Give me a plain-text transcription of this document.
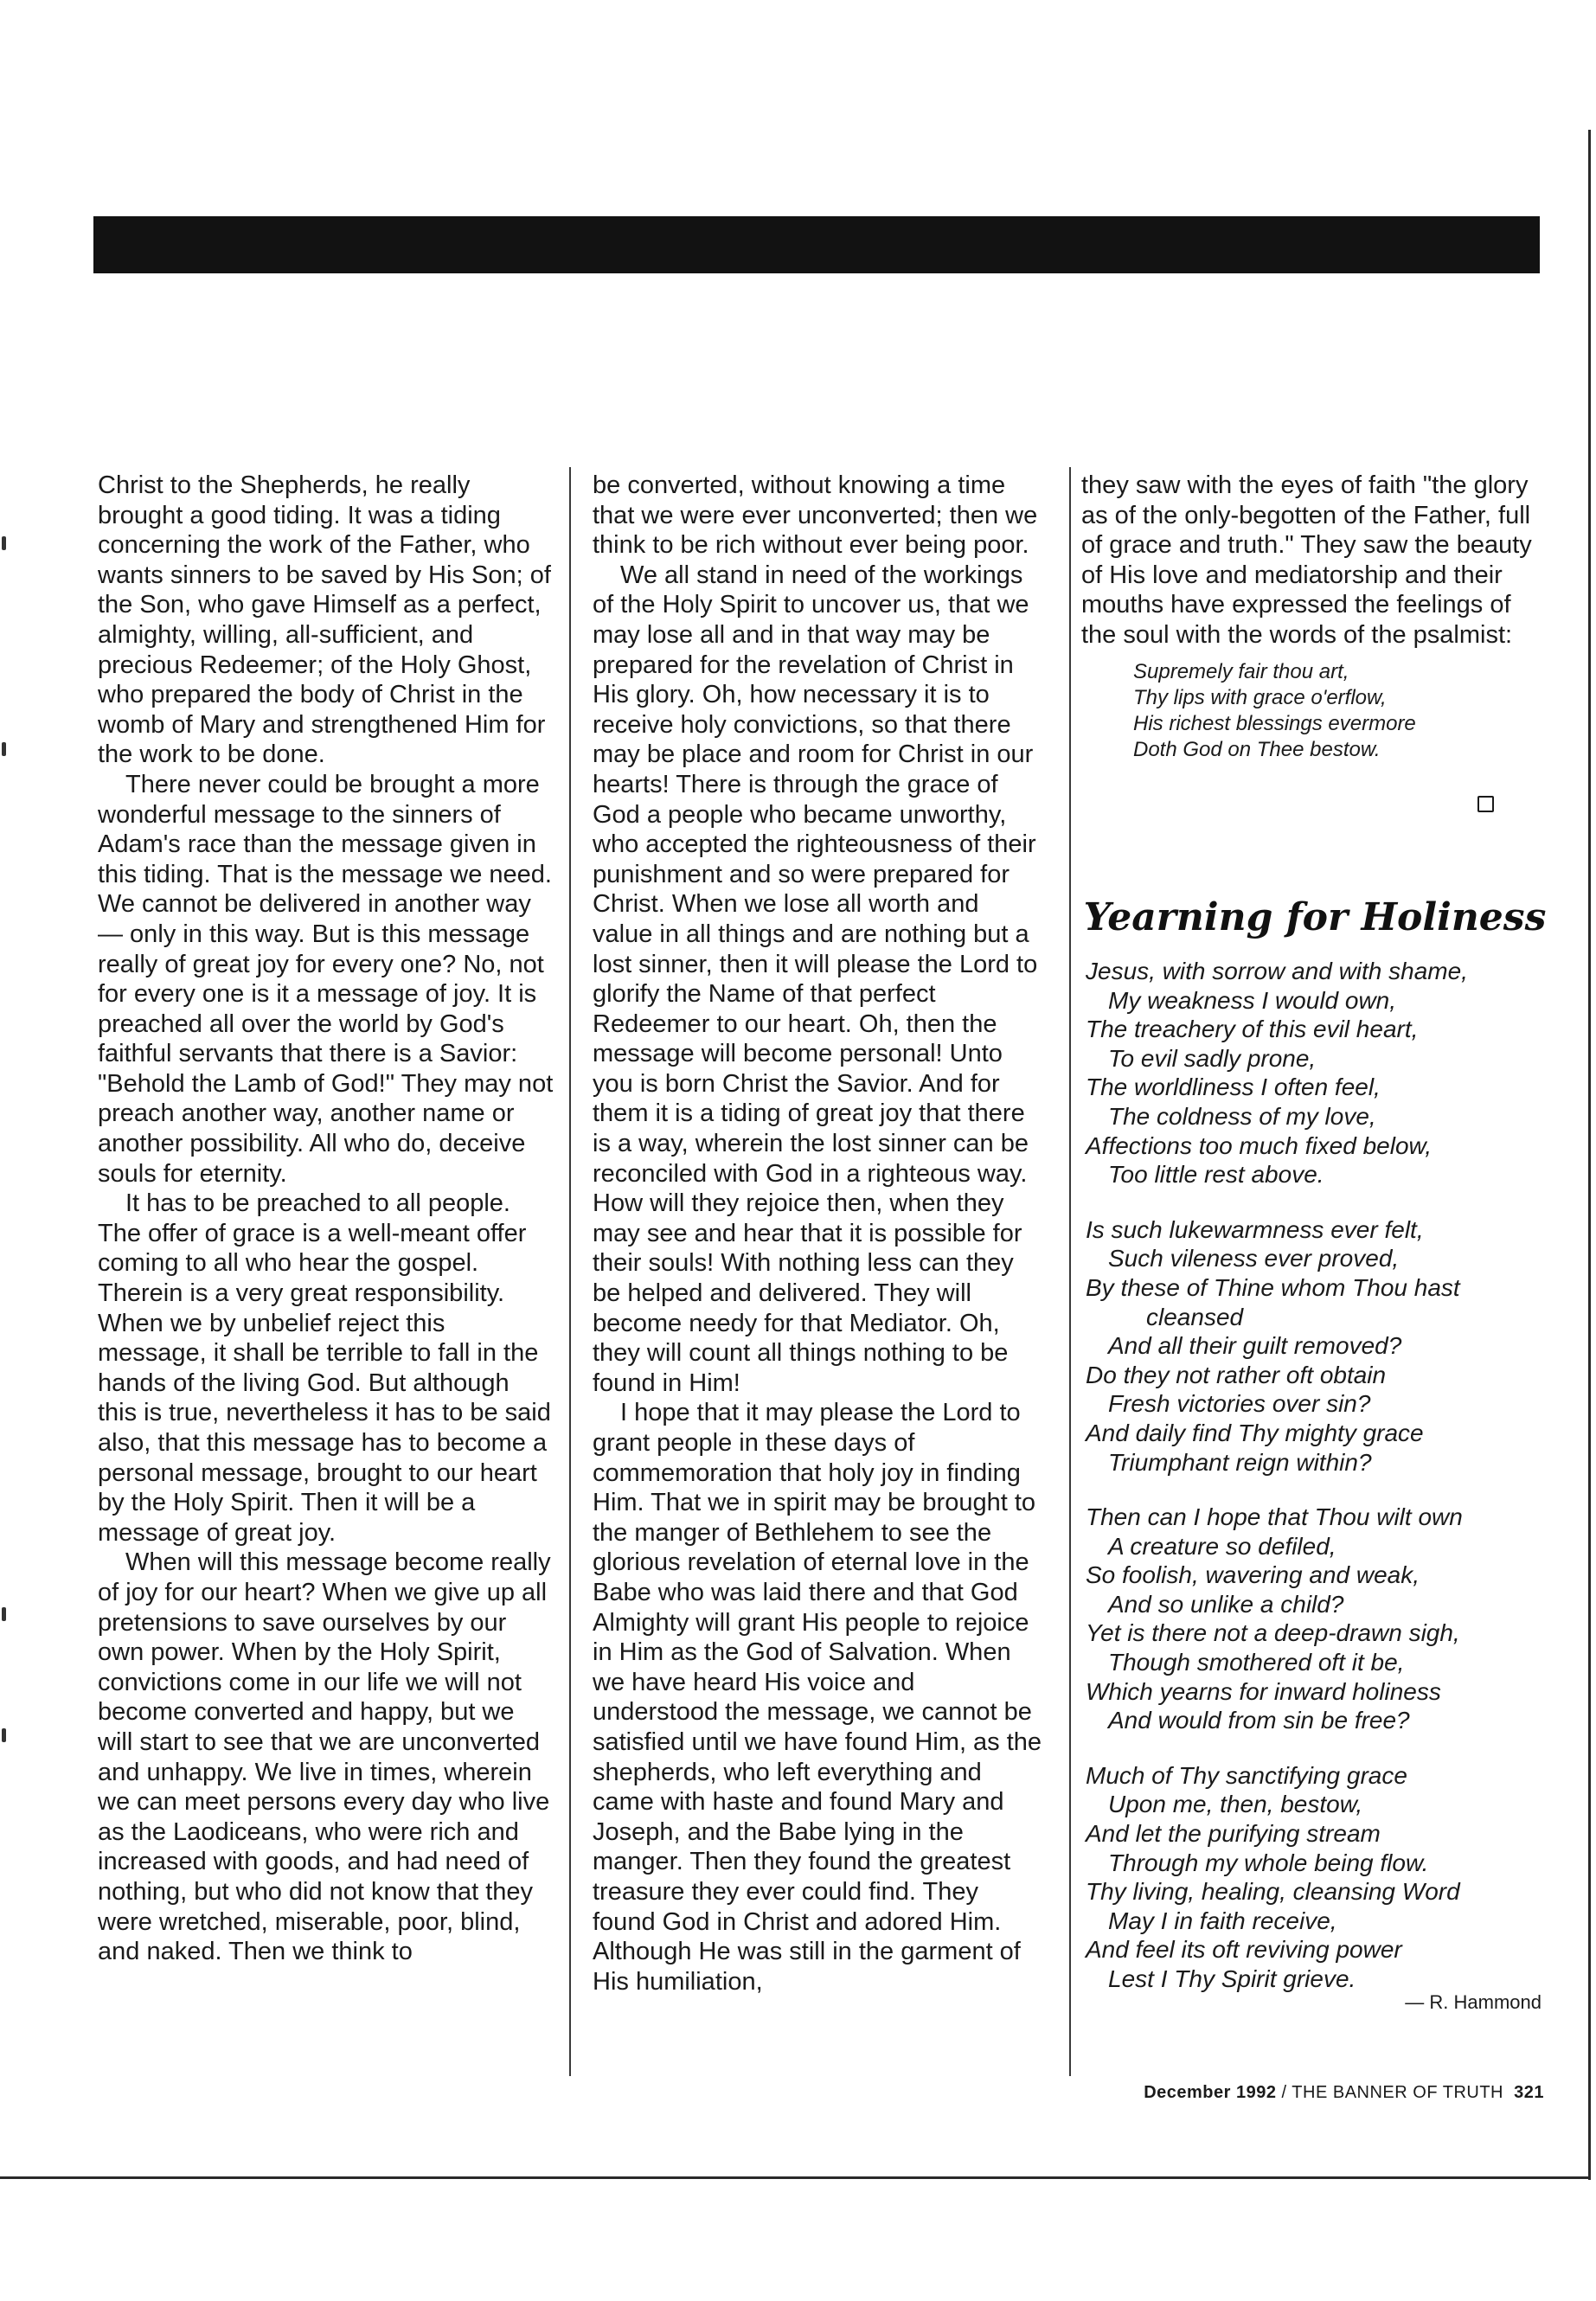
Christ to the Shepherds, he really brought a good tiding. It was a tiding concerning the work of the Father, who wants sinners to be saved by His Son; of the Son, who gave Himself as a perfect, almighty, willing, all-sufficient, and precious Redeemer; of the Holy Ghost, who prepared the body of Christ in the womb of Mary and strengthened Him for the work to be done.

There never could be brought a more wonderful message to the sinners of Adam's race than the message given in this tiding. That is the message we need. We cannot be delivered in another way — only in this way. But is this message really of great joy for every one? No, not for every one is it a message of joy. It is preached all over the world by God's faithful servants that there is a Savior: "Behold the Lamb of God!" They may not preach another way, another name or another possibility. All who do, deceive souls for eternity.

It has to be preached to all people. The offer of grace is a well-meant offer coming to all who hear the gospel. Therein is a very great responsibility. When we by unbelief reject this message, it shall be terrible to fall in the hands of the living God. But although this is true, nevertheless it has to be said also, that this message has to become a personal message, brought to our heart by the Holy Spirit. Then it will be a message of great joy.

When will this message become really of joy for our heart? When we give up all pretensions to save ourselves by our own power. When by the Holy Spirit, convictions come in our life we will not become converted and happy, but we will start to see that we are unconverted and unhappy. We live in times, wherein we can meet persons every day who live as the Laodiceans, who were rich and increased with goods, and had need of nothing, but who did not know that they were wretched, miserable, poor, blind, and naked. Then we think to

be converted, without knowing a time that we were ever unconverted; then we think to be rich without ever being poor.

We all stand in need of the workings of the Holy Spirit to uncover us, that we may lose all and in that way may be prepared for the revelation of Christ in His glory. Oh, how necessary it is to receive holy convictions, so that there may be place and room for Christ in our hearts! There is through the grace of God a people who became unworthy, who accepted the righteousness of their punishment and so were prepared for Christ. When we lose all worth and value in all things and are nothing but a lost sinner, then it will please the Lord to glorify the Name of that perfect Redeemer to our heart. Oh, then the message will become personal! Unto you is born Christ the Savior. And for them it is a tiding of great joy that there is a way, wherein the lost sinner can be reconciled with God in a righteous way. How will they rejoice then, when they may see and hear that it is possible for their souls! With nothing less can they be helped and delivered. They will become needy for that Mediator. Oh, they will count all things nothing to be found in Him!

I hope that it may please the Lord to grant people in these days of commemoration that holy joy in finding Him. That we in spirit may be brought to the manger of Bethlehem to see the glorious revelation of eternal love in the Babe who was laid there and that God Almighty will grant His people to rejoice in Him as the God of Salvation. When we have heard His voice and understood the message, we cannot be satisfied until we have found Him, as the shepherds, who left everything and came with haste and found Mary and Joseph, and the Babe lying in the manger. Then they found the greatest treasure they ever could find. They found God in Christ and adored Him. Although He was still in the garment of His humiliation,

they saw with the eyes of faith "the glory as of the only-begotten of the Father, full of grace and truth." They saw the beauty of His love and mediatorship and their mouths have expressed the feelings of the soul with the words of the psalmist:

Supremely fair thou art,
Thy lips with grace o'erflow,
His richest blessings evermore
Doth God on Thee bestow.
Yearning for Holiness
Jesus, with sorrow and with shame,
My weakness I would own,
The treachery of this evil heart,
To evil sadly prone,
The worldliness I often feel,
The coldness of my love,
Affections too much fixed below,
Too little rest above.
Is such lukewarmness ever felt,
Such vileness ever proved,
By these of Thine whom Thou hast
cleansed
And all their guilt removed?
Do they not rather oft obtain
Fresh victories over sin?
And daily find Thy mighty grace
Triumphant reign within?
Then can I hope that Thou wilt own
A creature so defiled,
So foolish, wavering and weak,
And so unlike a child?
Yet is there not a deep-drawn sigh,
Though smothered oft it be,
Which yearns for inward holiness
And would from sin be free?
Much of Thy sanctifying grace
Upon me, then, bestow,
And let the purifying stream
Through my whole being flow.
Thy living, healing, cleansing Word
May I in faith receive,
And feel its oft reviving power
Lest I Thy Spirit grieve.
— R. Hammond
December 1992 / THE BANNER OF TRUTH 321
